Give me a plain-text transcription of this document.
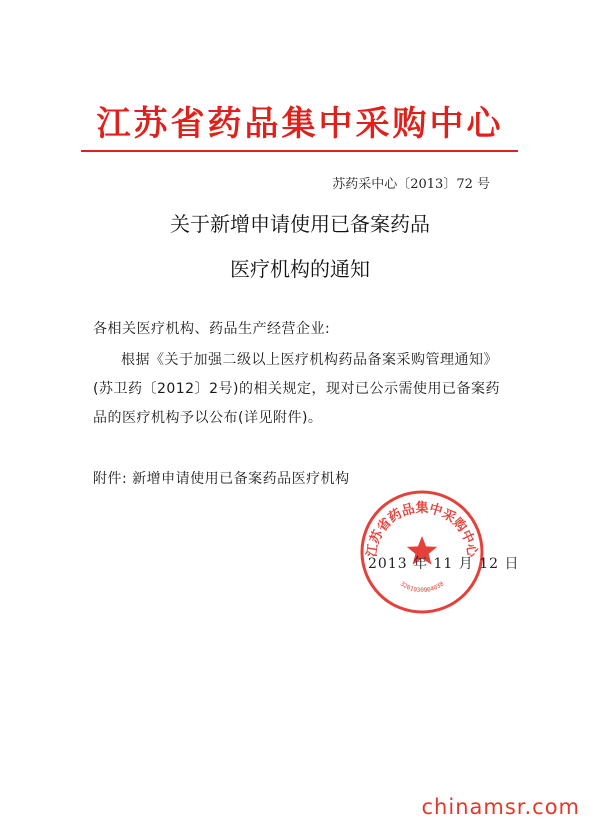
江苏省药品集中采购中心
苏药采中心〔2013〕72 号
关于新增申请使用已备案药品
医疗机构的通知
各相关医疗机构、药品生产经营企业:
根据《关于加强二级以上医疗机构药品备案采购管理通知》(苏卫药〔2012〕2号)的相关规定，现对已公示需使用已备案药品的医疗机构予以公布(详见附件)。
附件: 新增申请使用已备案药品医疗机构
江苏省药品集中采购中心
3201030904038
2013 年 11 月 12 日
chinamsr.com
